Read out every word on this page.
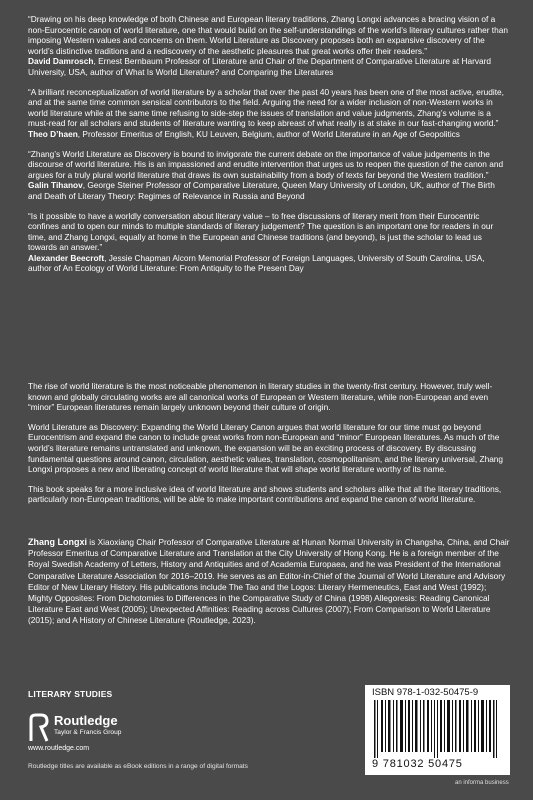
“Drawing on his deep knowledge of both Chinese and European literary traditions, Zhang Longxi advances a bracing vision of a non-Eurocentric canon of world literature, one that would build on the self-understandings of the world’s literary cultures rather than imposing Western values and concerns on them. World Literature as Discovery proposes both an expansive discovery of the world’s distinctive traditions and a rediscovery of the aesthetic pleasures that great works offer their readers.”

David Damrosch, Ernest Bernbaum Professor of Literature and Chair of the Department of Comparative Literature at Harvard University, USA, author of What Is World Literature? and Comparing the Literatures

“A brilliant reconceptualization of world literature by a scholar that over the past 40 years has been one of the most active, erudite, and at the same time common sensical contributors to the field. Arguing the need for a wider inclusion of non-Western works in world literature while at the same time refusing to side-step the issues of translation and value judgments, Zhang’s volume is a must-read for all scholars and students of literature wanting to keep abreast of what really is at stake in our fast-changing world.”

Theo D’haen, Professor Emeritus of English, KU Leuven, Belgium, author of World Literature in an Age of Geopolitics

“Zhang’s World Literature as Discovery is bound to invigorate the current debate on the importance of value judgements in the discourse of world literature. His is an impassioned and erudite intervention that urges us to reopen the question of the canon and argues for a truly plural world literature that draws its own sustainability from a body of texts far beyond the Western tradition.”

Galin Tihanov, George Steiner Professor of Comparative Literature, Queen Mary University of London, UK, author of The Birth and Death of Literary Theory: Regimes of Relevance in Russia and Beyond

“Is it possible to have a worldly conversation about literary value – to free discussions of literary merit from their Eurocentric confines and to open our minds to multiple standards of literary judgement? The question is an important one for readers in our time, and Zhang Longxi, equally at home in the European and Chinese traditions (and beyond), is just the scholar to lead us towards an answer.”

Alexander Beecroft, Jessie Chapman Alcorn Memorial Professor of Foreign Languages, University of South Carolina, USA, author of An Ecology of World Literature: From Antiquity to the Present Day

The rise of world literature is the most noticeable phenomenon in literary studies in the twenty-first century. However, truly well-known and globally circulating works are all canonical works of European or Western literature, while non-European and even “minor” European literatures remain largely unknown beyond their culture of origin.

World Literature as Discovery: Expanding the World Literary Canon argues that world literature for our time must go beyond Eurocentrism and expand the canon to include great works from non-European and “minor” European literatures. As much of the world’s literature remains untranslated and unknown, the expansion will be an exciting process of discovery. By discussing fundamental questions around canon, circulation, aesthetic values, translation, cosmopolitanism, and the literary universal, Zhang Longxi proposes a new and liberating concept of world literature that will shape world literature worthy of its name.

This book speaks for a more inclusive idea of world literature and shows students and scholars alike that all the literary traditions, particularly non-European traditions, will be able to make important contributions and expand the canon of world literature.

Zhang Longxi is Xiaoxiang Chair Professor of Comparative Literature at Hunan Normal University in Changsha, China, and Chair Professor Emeritus of Comparative Literature and Translation at the City University of Hong Kong. He is a foreign member of the Royal Swedish Academy of Letters, History and Antiquities and of Academia Europaea, and he was President of the International Comparative Literature Association for 2016–2019. He serves as an Editor-in-Chief of the Journal of World Literature and Advisory Editor of New Literary History. His publications include The Tao and the Logos: Literary Hermeneutics, East and West (1992); Mighty Opposites: From Dichotomies to Differences in the Comparative Study of China (1998) Allegoresis: Reading Canonical Literature East and West (2005); Unexpected Affinities: Reading across Cultures (2007); From Comparison to World Literature (2015); and A History of Chinese Literature (Routledge, 2023).
LITERARY STUDIES
Routledge
Taylor & Francis Group
www.routledge.com
Routledge titles are available as eBook editions in a range of digital formats
ISBN 978-1-032-50475-9
9 781032 50475
an informa business
